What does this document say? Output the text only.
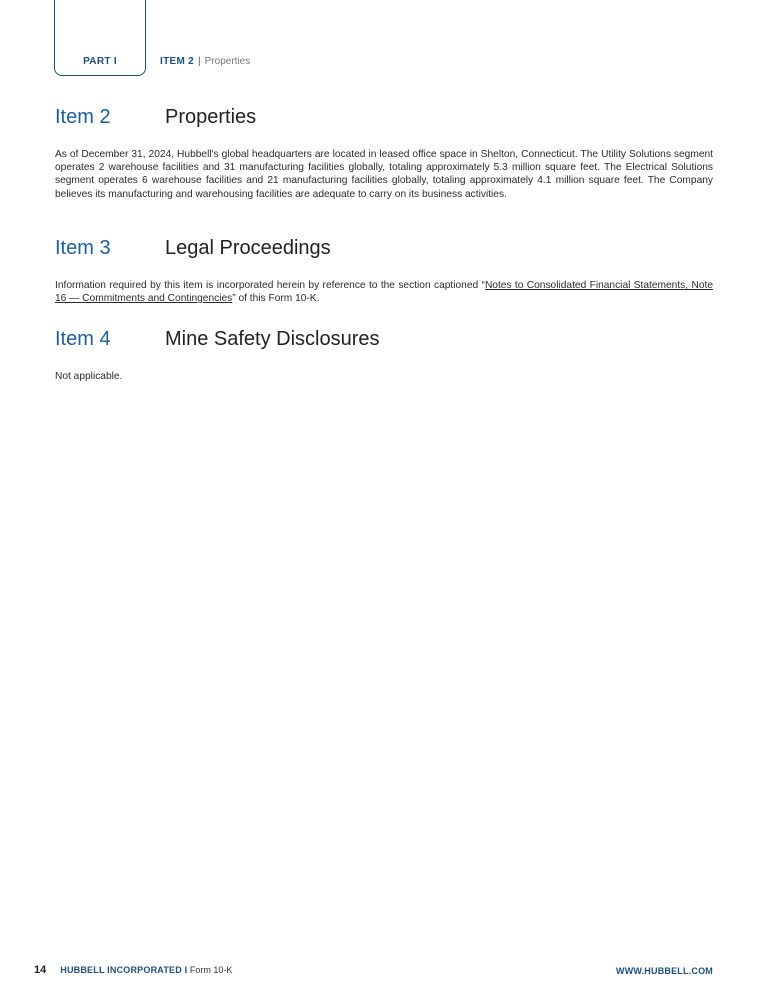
PART I	ITEM 2 | Properties
Item 2	Properties
As of December 31, 2024, Hubbell's global headquarters are located in leased office space in Shelton, Connecticut. The Utility Solutions segment operates 2 warehouse facilities and 31 manufacturing facilities globally, totaling approximately 5.3 million square feet. The Electrical Solutions segment operates 6 warehouse facilities and 21 manufacturing facilities globally, totaling approximately 4.1 million square feet. The Company believes its manufacturing and warehousing facilities are adequate to carry on its business activities.
Item 3	Legal Proceedings
Information required by this item is incorporated herein by reference to the section captioned “Notes to Consolidated Financial Statements, Note 16 — Commitments and Contingencies” of this Form 10-K.
Item 4	Mine Safety Disclosures
Not applicable.
14 HUBBELL INCORPORATED I Form 10-K	WWW.HUBBELL.COM
